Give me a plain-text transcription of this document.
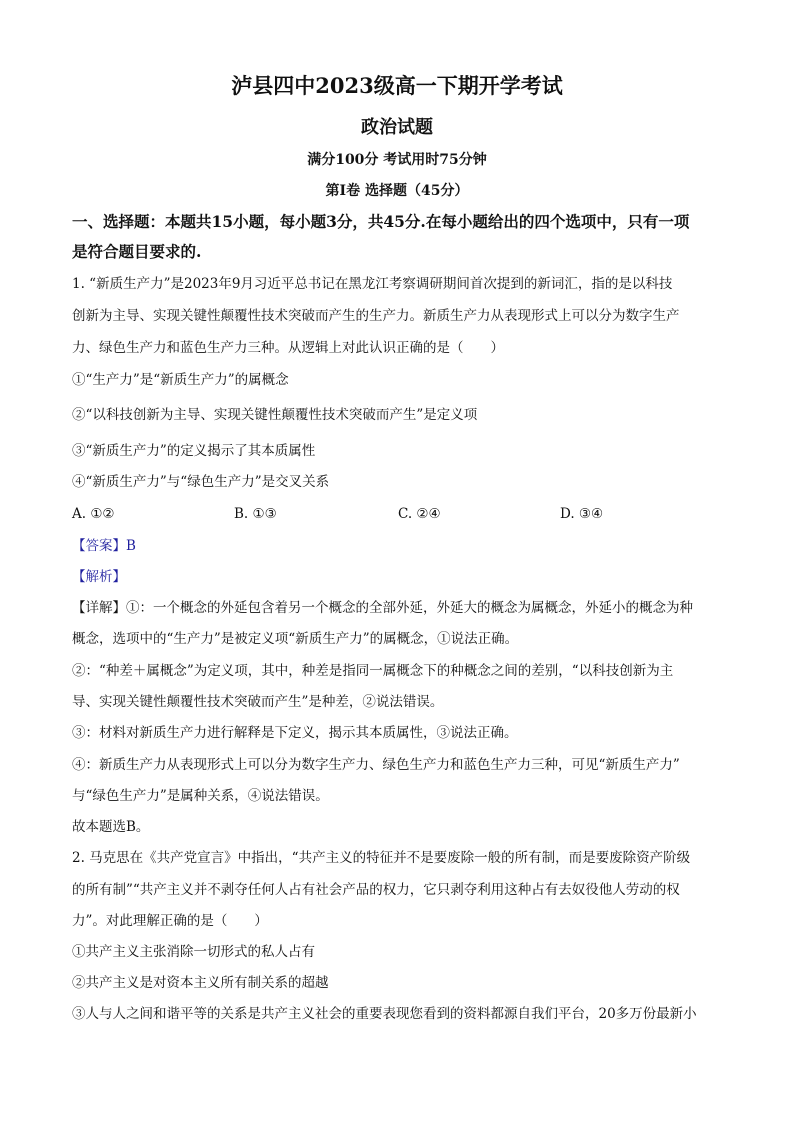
泸县四中2023级高一下期开学考试
政治试题
满分100分 考试用时75分钟
第Ⅰ卷 选择题（45分）
一、选择题：本题共15小题，每小题3分，共45分.在每小题给出的四个选项中，只有一项
是符合题目要求的.
1. “新质生产力”是2023年9月习近平总书记在黑龙江考察调研期间首次提到的新词汇，指的是以科技
创新为主导、实现关键性颠覆性技术突破而产生的生产力。新质生产力从表现形式上可以分为数字生产
力、绿色生产力和蓝色生产力三种。从逻辑上对此认识正确的是（　　）
①“生产力”是“新质生产力”的属概念
②“以科技创新为主导、实现关键性颠覆性技术突破而产生”是定义项
③“新质生产力”的定义揭示了其本质属性
④“新质生产力”与“绿色生产力”是交叉关系
A. ①②	B. ①③	C. ②④	D. ③④
【答案】B
【解析】
【详解】①：一个概念的外延包含着另一个概念的全部外延，外延大的概念为属概念，外延小的概念为种
概念，选项中的“生产力”是被定义项“新质生产力”的属概念，①说法正确。
②：“种差＋属概念”为定义项，其中，种差是指同一属概念下的种概念之间的差别，“以科技创新为主
导、实现关键性颠覆性技术突破而产生”是种差，②说法错误。
③：材料对新质生产力进行解释是下定义，揭示其本质属性，③说法正确。
④：新质生产力从表现形式上可以分为数字生产力、绿色生产力和蓝色生产力三种，可见“新质生产力”
与“绿色生产力”是属种关系，④说法错误。
故本题选B。
2. 马克思在《共产党宣言》中指出，“共产主义的特征并不是要废除一般的所有制，而是要废除资产阶级
的所有制”“共产主义并不剥夺任何人占有社会产品的权力，它只剥夺利用这种占有去奴役他人劳动的权
力”。对此理解正确的是（　　）
①共产主义主张消除一切形式的私人占有
②共产主义是对资本主义所有制关系的超越
③人与人之间和谐平等的关系是共产主义社会的重要表现您看到的资料都源自我们平台，20多万份最新小
